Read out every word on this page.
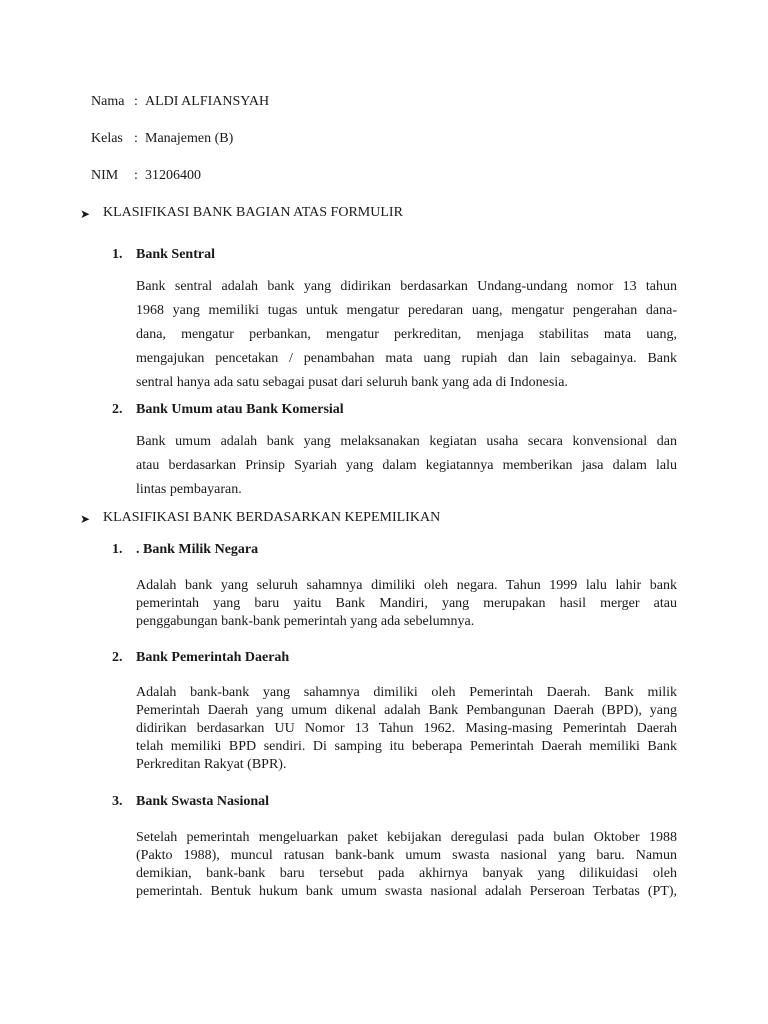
Nama : ALDI ALFIANSYAH
Kelas : Manajemen (B)
NIM : 31206400
➤ KLASIFIKASI BANK BAGIAN ATAS FORMULIR
1. Bank Sentral

Bank sentral adalah bank yang didirikan berdasarkan Undang-undang nomor 13 tahun
1968 yang memiliki tugas untuk mengatur peredaran uang, mengatur pengerahan dana-
dana, mengatur perbankan, mengatur perkreditan, menjaga stabilitas mata uang,
mengajukan pencetakan / penambahan mata uang rupiah dan lain sebagainya. Bank
sentral hanya ada satu sebagai pusat dari seluruh bank yang ada di Indonesia.

2. Bank Umum atau Bank Komersial

Bank umum adalah bank yang melaksanakan kegiatan usaha secara konvensional dan
atau berdasarkan Prinsip Syariah yang dalam kegiatannya memberikan jasa dalam lalu
lintas pembayaran.

➤ KLASIFIKASI BANK BERDASARKAN KEPEMILIKAN
1. . Bank Milik Negara

Adalah bank yang seluruh sahamnya dimiliki oleh negara. Tahun 1999 lalu lahir bank
pemerintah yang baru yaitu Bank Mandiri, yang merupakan hasil merger atau
penggabungan bank-bank pemerintah yang ada sebelumnya.

2. Bank Pemerintah Daerah

Adalah bank-bank yang sahamnya dimiliki oleh Pemerintah Daerah. Bank milik
Pemerintah Daerah yang umum dikenal adalah Bank Pembangunan Daerah (BPD), yang
didirikan berdasarkan UU Nomor 13 Tahun 1962. Masing-masing Pemerintah Daerah
telah memiliki BPD sendiri. Di samping itu beberapa Pemerintah Daerah memiliki Bank
Perkreditan Rakyat (BPR).

3. Bank Swasta Nasional

Setelah pemerintah mengeluarkan paket kebijakan deregulasi pada bulan Oktober 1988
(Pakto 1988), muncul ratusan bank-bank umum swasta nasional yang baru. Namun
demikian, bank-bank baru tersebut pada akhirnya banyak yang dilikuidasi oleh
pemerintah. Bentuk hukum bank umum swasta nasional adalah Perseroan Terbatas (PT),
